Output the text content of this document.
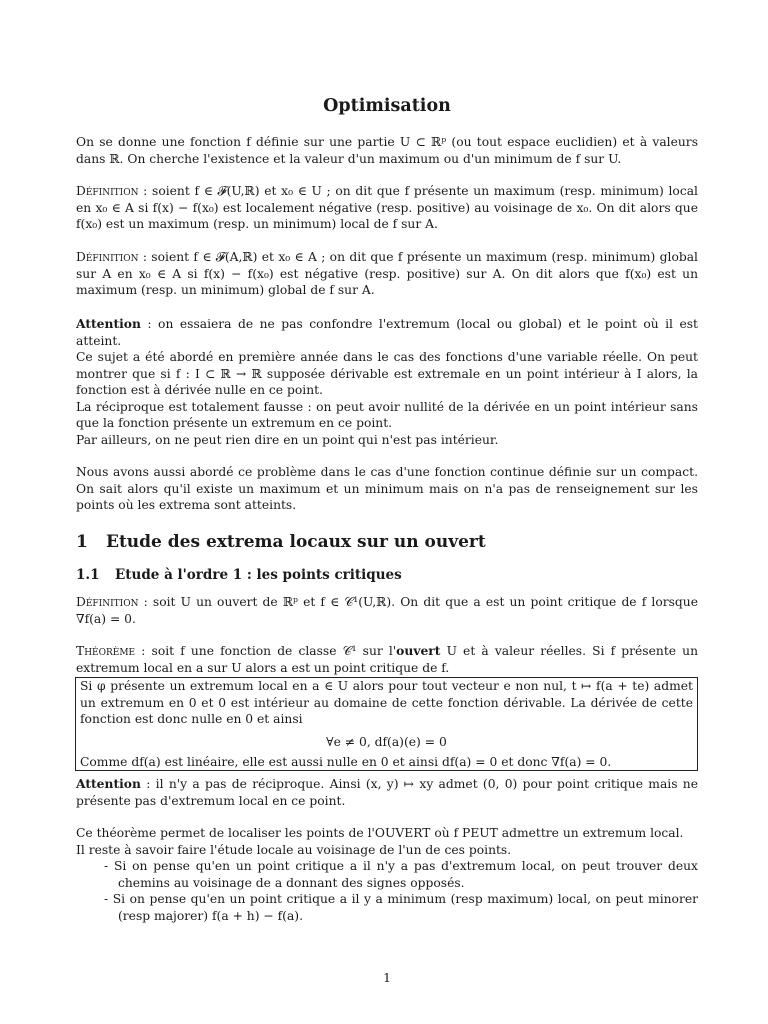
Optimisation
On se donne une fonction f définie sur une partie U ⊂ ℝᵖ (ou tout espace euclidien) et à valeurs dans ℝ. On cherche l'existence et la valeur d'un maximum ou d'un minimum de f sur U.
Définition : soient f ∈ 𝓕(U,ℝ) et x₀ ∈ U ; on dit que f présente un maximum (resp. minimum) local en x₀ ∈ A si f(x) − f(x₀) est localement négative (resp. positive) au voisinage de x₀. On dit alors que f(x₀) est un maximum (resp. un minimum) local de f sur A.
Définition : soient f ∈ 𝓕(A,ℝ) et x₀ ∈ A ; on dit que f présente un maximum (resp. minimum) global sur A en x₀ ∈ A si f(x) − f(x₀) est négative (resp. positive) sur A. On dit alors que f(x₀) est un maximum (resp. un minimum) global de f sur A.
Attention : on essaiera de ne pas confondre l'extremum (local ou global) et le point où il est atteint.
Ce sujet a été abordé en première année dans le cas des fonctions d'une variable réelle. On peut montrer que si f : I ⊂ ℝ → ℝ supposée dérivable est extremale en un point intérieur à I alors, la fonction est à dérivée nulle en ce point.
La réciproque est totalement fausse : on peut avoir nullité de la dérivée en un point intérieur sans que la fonction présente un extremum en ce point.
Par ailleurs, on ne peut rien dire en un point qui n'est pas intérieur.
Nous avons aussi abordé ce problème dans le cas d'une fonction continue définie sur un compact. On sait alors qu'il existe un maximum et un minimum mais on n'a pas de renseignement sur les points où les extrema sont atteints.
1 Etude des extrema locaux sur un ouvert
1.1 Etude à l'ordre 1 : les points critiques
Définition : soit U un ouvert de ℝᵖ et f ∈ 𝒞¹(U,ℝ). On dit que a est un point critique de f lorsque ∇f(a) = 0.
Théorème : soit f une fonction de classe 𝒞¹ sur l'ouvert U et à valeur réelles. Si f présente un extremum local en a sur U alors a est un point critique de f.
Si φ présente un extremum local en a ∈ U alors pour tout vecteur e non nul, t ↦ f(a + te) admet un extremum en 0 et 0 est intérieur au domaine de cette fonction dérivable. La dérivée de cette fonction est donc nulle en 0 et ainsi
∀e ≠ 0, df(a)(e) = 0
Comme df(a) est linéaire, elle est aussi nulle en 0 et ainsi df(a) = 0 et donc ∇f(a) = 0.
Attention : il n'y a pas de réciproque. Ainsi (x, y) ↦ xy admet (0, 0) pour point critique mais ne présente pas d'extremum local en ce point.
Ce théorème permet de localiser les points de l'OUVERT où f PEUT admettre un extremum local.
Il reste à savoir faire l'étude locale au voisinage de l'un de ces points.
- Si on pense qu'en un point critique a il n'y a pas d'extremum local, on peut trouver deux chemins au voisinage de a donnant des signes opposés.
- Si on pense qu'en un point critique a il y a minimum (resp maximum) local, on peut minorer (resp majorer) f(a + h) − f(a).
1
